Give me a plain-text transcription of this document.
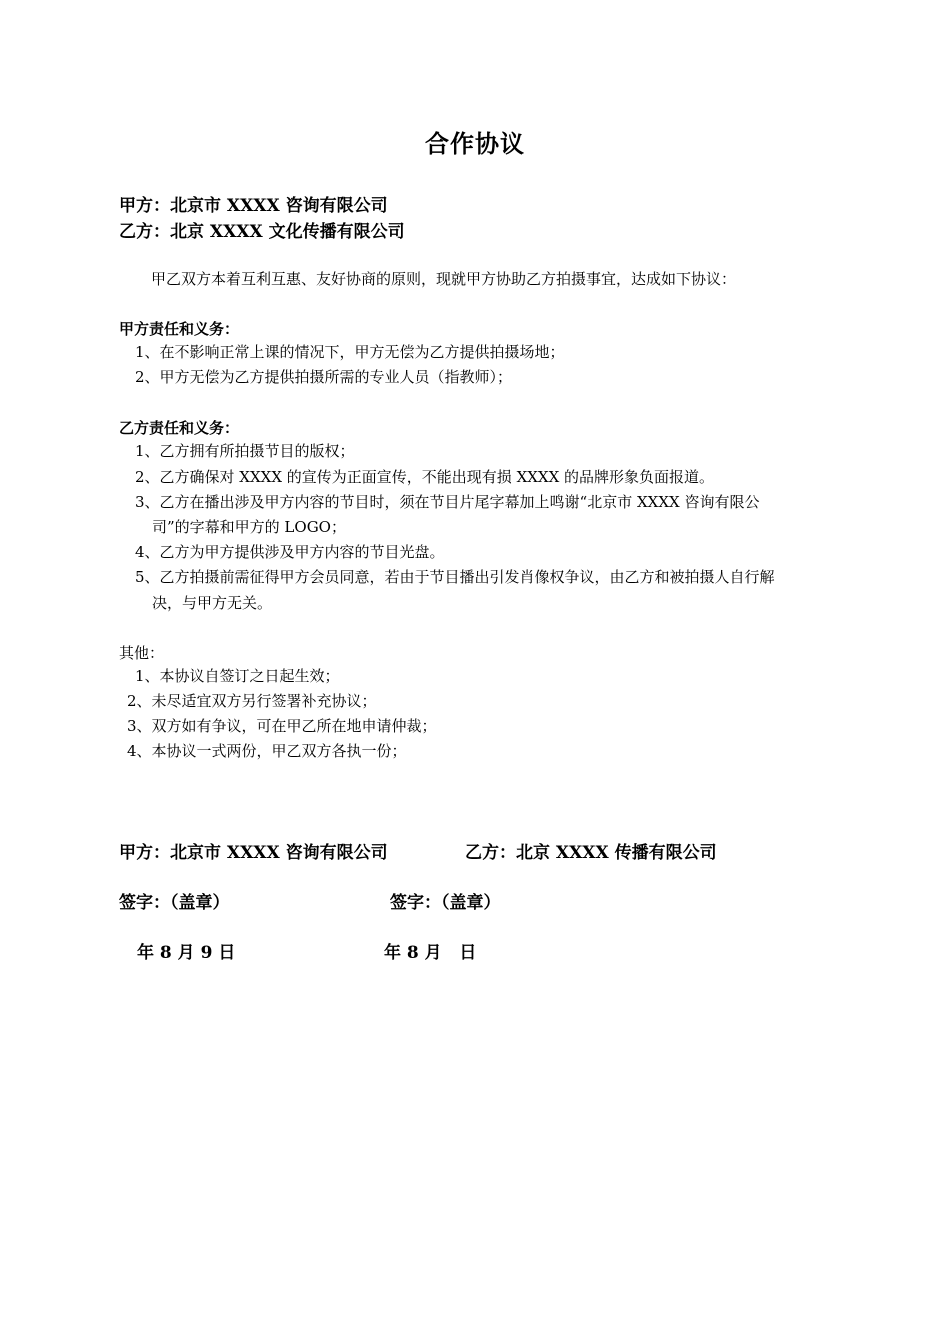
合作协议
甲方：北京市 XXXX 咨询有限公司
乙方：北京 XXXX 文化传播有限公司
甲乙双方本着互利互惠、友好协商的原则，现就甲方协助乙方拍摄事宜，达成如下协议：
甲方责任和义务：
1、在不影响正常上课的情况下，甲方无偿为乙方提供拍摄场地；
2、甲方无偿为乙方提供拍摄所需的专业人员（指教师）；
乙方责任和义务：
1、乙方拥有所拍摄节目的版权；
2、乙方确保对 XXXX 的宣传为正面宣传，不能出现有损 XXXX 的品牌形象负面报道。
3、乙方在播出涉及甲方内容的节目时，须在节目片尾字幕加上鸣谢“北京市 XXXX 咨询有限公
司”的字幕和甲方的 LOGO；
4、乙方为甲方提供涉及甲方内容的节目光盘。
5、乙方拍摄前需征得甲方会员同意，若由于节目播出引发肖像权争议，由乙方和被拍摄人自行解
决，与甲方无关。
其他：
1、本协议自签订之日起生效；
2、未尽适宜双方另行签署补充协议；
3、双方如有争议，可在甲乙所在地申请仲裁；
4、本协议一式两份，甲乙双方各执一份；
甲方：北京市 XXXX 咨询有限公司	乙方：北京 XXXX 传播有限公司
签字：（盖章）	签字：（盖章）
年 8 月 9 日	年 8 月   日
